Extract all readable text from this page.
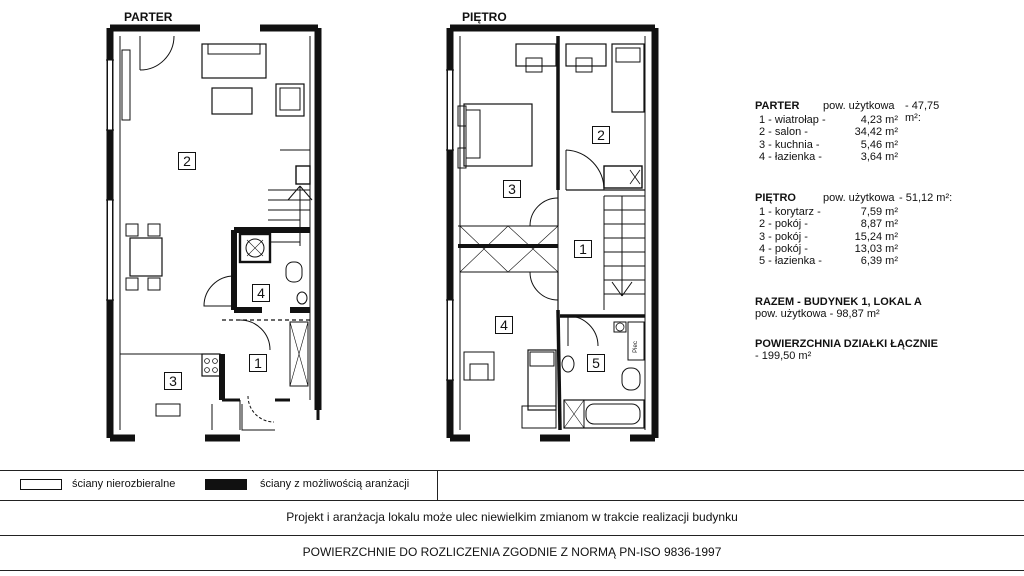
PARTER	PIĘTRO
1
2
3
4
1
2
3
4
5
Piec
PARTER pow. użytkowa - 47,75 m²:
1 - wiatrołap -	4,23 m²
2 - salon -	34,42 m²
3 - kuchnia -	5,46 m²
4 - łazienka -	3,64 m²
PIĘTRO pow. użytkowa - 51,12 m²:
1 - korytarz -	7,59 m²
2 - pokój -	8,87 m²
3 - pokój -	15,24 m²
4 - pokój -	13,03 m²
5 - łazienka -	6,39 m²
RAZEM - BUDYNEK 1, LOKAL A
pow. użytkowa - 98,87 m²
POWIERZCHNIA DZIAŁKI ŁĄCZNIE
- 199,50 m²
ściany nierozbieralne	ściany z możliwością aranżacji
Projekt i aranżacja lokalu może ulec niewielkim zmianom w trakcie realizacji budynku
POWIERZCHNIE DO ROZLICZENIA ZGODNIE Z NORMĄ PN-ISO 9836-1997
